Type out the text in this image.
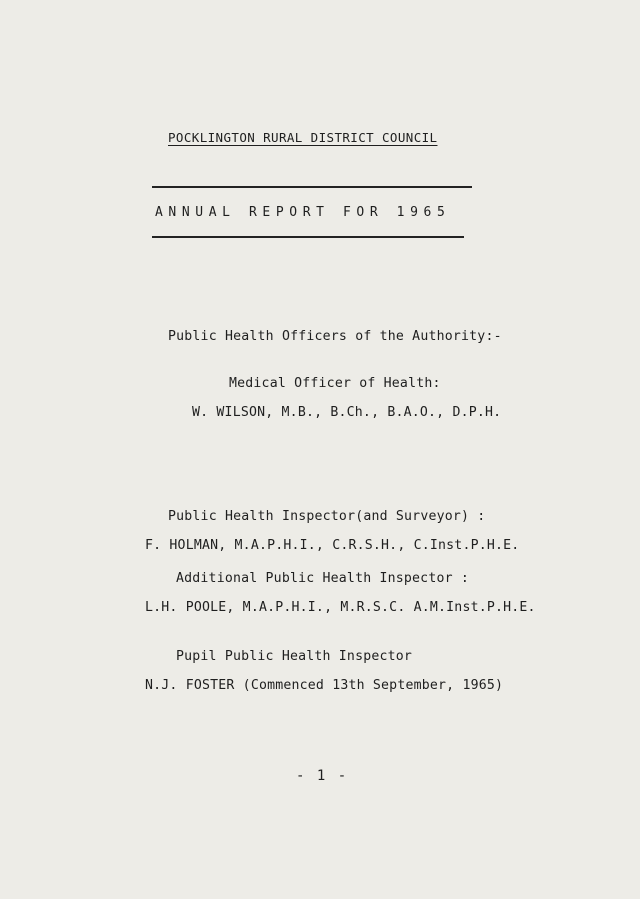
POCKLINGTON RURAL DISTRICT COUNCIL
ANNUAL REPORT FOR 1965
Public Health Officers of the Authority:-
Medical Officer of Health:
W. WILSON, M.B., B.Ch., B.A.O., D.P.H.
Public Health Inspector(and Surveyor) :
F. HOLMAN, M.A.P.H.I., C.R.S.H., C.Inst.P.H.E.
Additional Public Health Inspector :
L.H. POOLE, M.A.P.H.I., M.R.S.C. A.M.Inst.P.H.E.
Pupil Public Health Inspector
N.J. FOSTER (Commenced 13th September, 1965)
- 1 -
